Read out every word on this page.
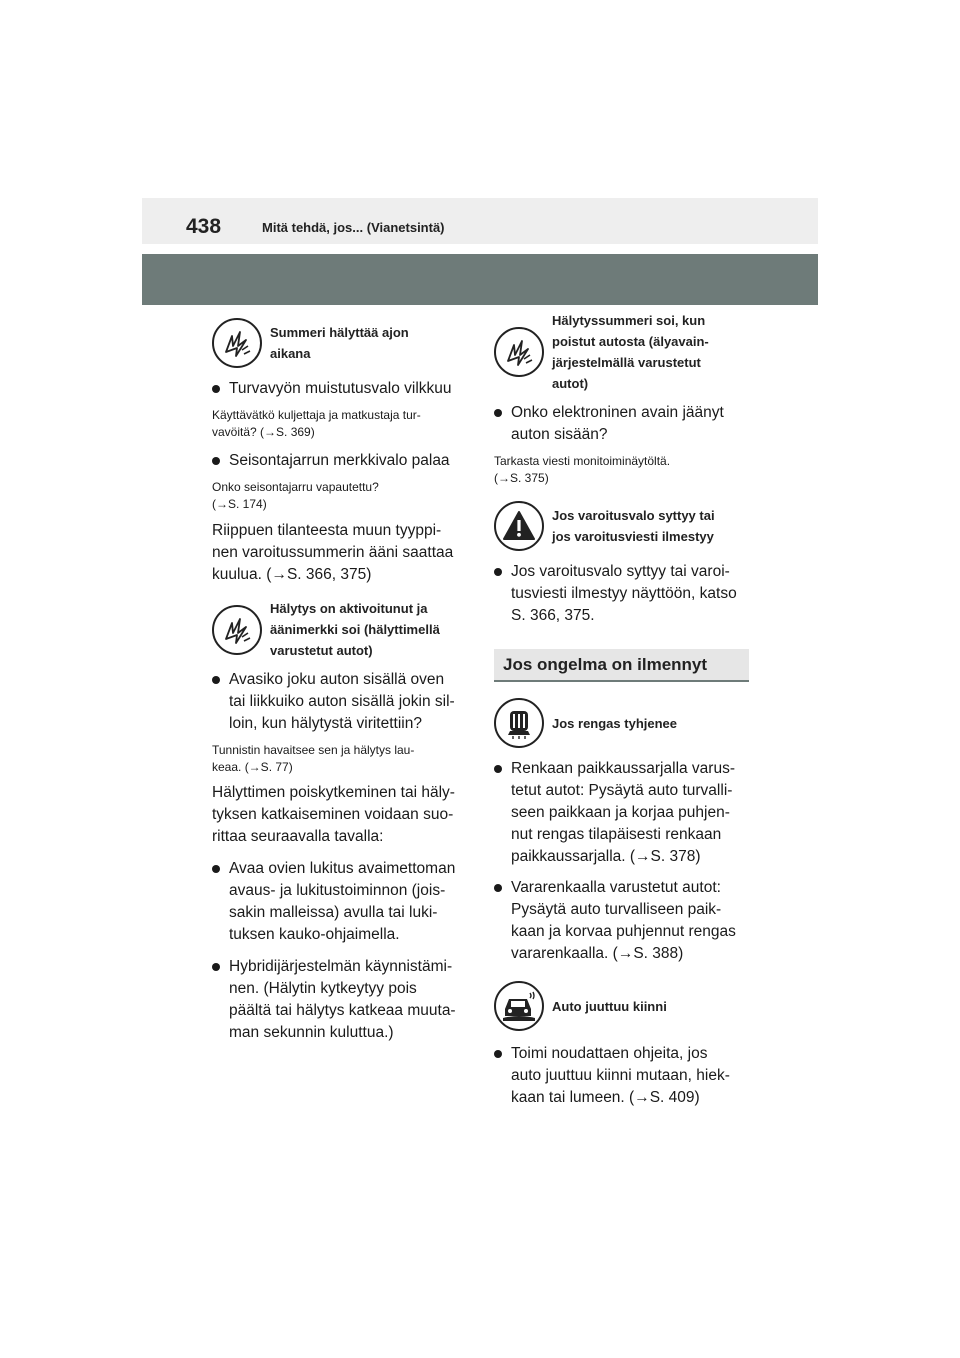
438	Mitä tehdä, jos... (Vianetsintä)
Summeri hälyttää ajon
aikana
Turvavyön muistutusvalo vilkkuu
Käyttävätkö kuljettaja ja matkustaja tur-
vavöitä? (→S. 369)
Seisontajarrun merkkivalo palaa
Onko seisontajarru vapautettu?
(→S. 174)
Riippuen tilanteesta muun tyyppi-
nen varoitussummerin ääni saattaa
kuulua. (→S. 366, 375)
Hälytys on aktivoitunut ja
äänimerkki soi (hälyttimellä
varustetut autot)
Avasiko joku auton sisällä oven
tai liikkuiko auton sisällä jokin sil-
loin, kun hälytystä viritettiin?
Tunnistin havaitsee sen ja hälytys lau-
keaa. (→S. 77)
Hälyttimen poiskytkeminen tai häly-
tyksen katkaiseminen voidaan suo-
rittaa seuraavalla tavalla:
Avaa ovien lukitus avaimettoman
avaus- ja lukitustoiminnon (jois-
sakin malleissa) avulla tai luki-
tuksen kauko-ohjaimella.
Hybridijärjestelmän käynnistämi-
nen. (Hälytin kytkeytyy pois
päältä tai hälytys katkeaa muuta-
man sekunnin kuluttua.)
Hälytyssummeri soi, kun
poistut autosta (älyavain-
järjestelmällä varustetut
autot)
Onko elektroninen avain jäänyt
auton sisään?
Tarkasta viesti monitoiminäytöltä.
(→S. 375)
Jos varoitusvalo syttyy tai
jos varoitusviesti ilmestyy
Jos varoitusvalo syttyy tai varoi-
tusviesti ilmestyy näyttöön, katso
S. 366, 375.
Jos ongelma on ilmennyt
Jos rengas tyhjenee
Renkaan paikkaussarjalla varus-
tetut autot: Pysäytä auto turvalli-
seen paikkaan ja korjaa puhjen-
nut rengas tilapäisesti renkaan
paikkaussarjalla. (→S. 378)
Vararenkaalla varustetut autot:
Pysäytä auto turvalliseen paik-
kaan ja korvaa puhjennut rengas
vararenkaalla. (→S. 388)
Auto juuttuu kiinni
Toimi noudattaen ohjeita, jos
auto juuttuu kiinni mutaan, hiek-
kaan tai lumeen. (→S. 409)
